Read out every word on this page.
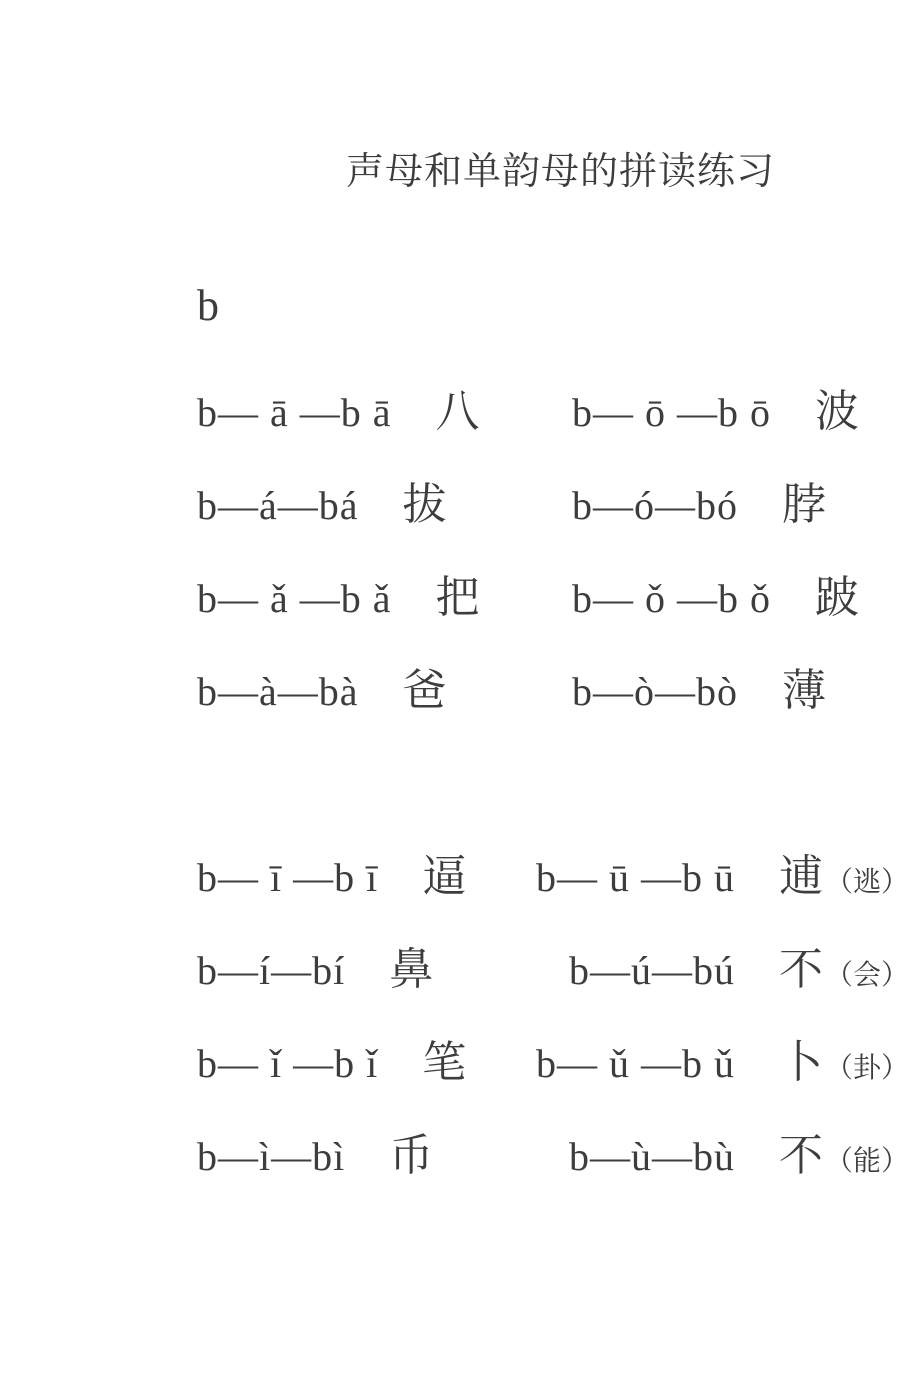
声母和单韵母的拼读练习
b
b— ā —b ā 八 b— ō —b ō 波
b—á—bá 拔	b—ó—bó 脖
b— ǎ —b ǎ 把 b— ǒ —b ǒ 跛
b—à—bà 爸	b—ò—bò 薄
b— ī —b ī 逼 b— ū —b ū 逋 （逃）
b—í—bí 鼻	b—ú—bú 不 （会）
b— ǐ —b ǐ 笔 b— ǔ —b ǔ 卜 （卦）
b—ì—bì 币	b—ù—bù 不 （能）
